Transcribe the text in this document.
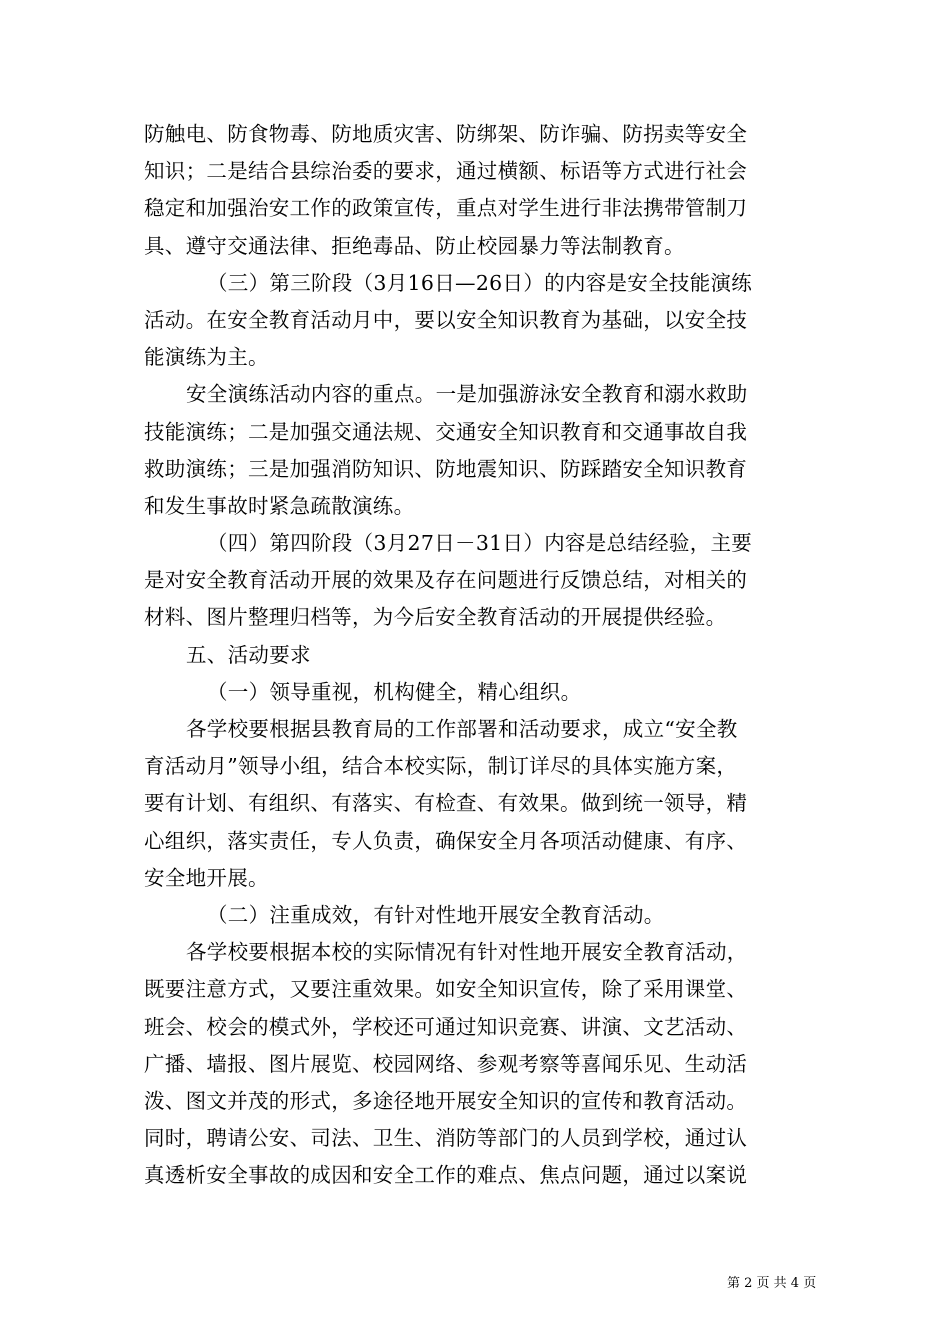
防触电、防食物毒、防地质灾害、防绑架、防诈骗、防拐卖等安全
知识；二是结合县综治委的要求，通过横额、标语等方式进行社会
稳定和加强治安工作的政策宣传，重点对学生进行非法携带管制刀
具、遵守交通法律、拒绝毒品、防止校园暴力等法制教育。
（三）第三阶段（3月16日—26日）的内容是安全技能演练
活动。在安全教育活动月中，要以安全知识教育为基础，以安全技
能演练为主。
安全演练活动内容的重点。一是加强游泳安全教育和溺水救助
技能演练；二是加强交通法规、交通安全知识教育和交通事故自我
救助演练；三是加强消防知识、防地震知识、防踩踏安全知识教育
和发生事故时紧急疏散演练。
（四）第四阶段（3月27日－31日）内容是总结经验，主要
是对安全教育活动开展的效果及存在问题进行反馈总结，对相关的
材料、图片整理归档等，为今后安全教育活动的开展提供经验。
五、活动要求
（一）领导重视，机构健全，精心组织。
各学校要根据县教育局的工作部署和活动要求，成立“安全教
育活动月”领导小组，结合本校实际，制订详尽的具体实施方案，
要有计划、有组织、有落实、有检查、有效果。做到统一领导，精
心组织，落实责任，专人负责，确保安全月各项活动健康、有序、
安全地开展。
（二）注重成效，有针对性地开展安全教育活动。
各学校要根据本校的实际情况有针对性地开展安全教育活动，
既要注意方式，又要注重效果。如安全知识宣传，除了采用课堂、
班会、校会的模式外，学校还可通过知识竞赛、讲演、文艺活动、
广播、墙报、图片展览、校园网络、参观考察等喜闻乐见、生动活
泼、图文并茂的形式，多途径地开展安全知识的宣传和教育活动。
同时，聘请公安、司法、卫生、消防等部门的人员到学校，通过认
真透析安全事故的成因和安全工作的难点、焦点问题，通过以案说
第 2 页 共 4 页
